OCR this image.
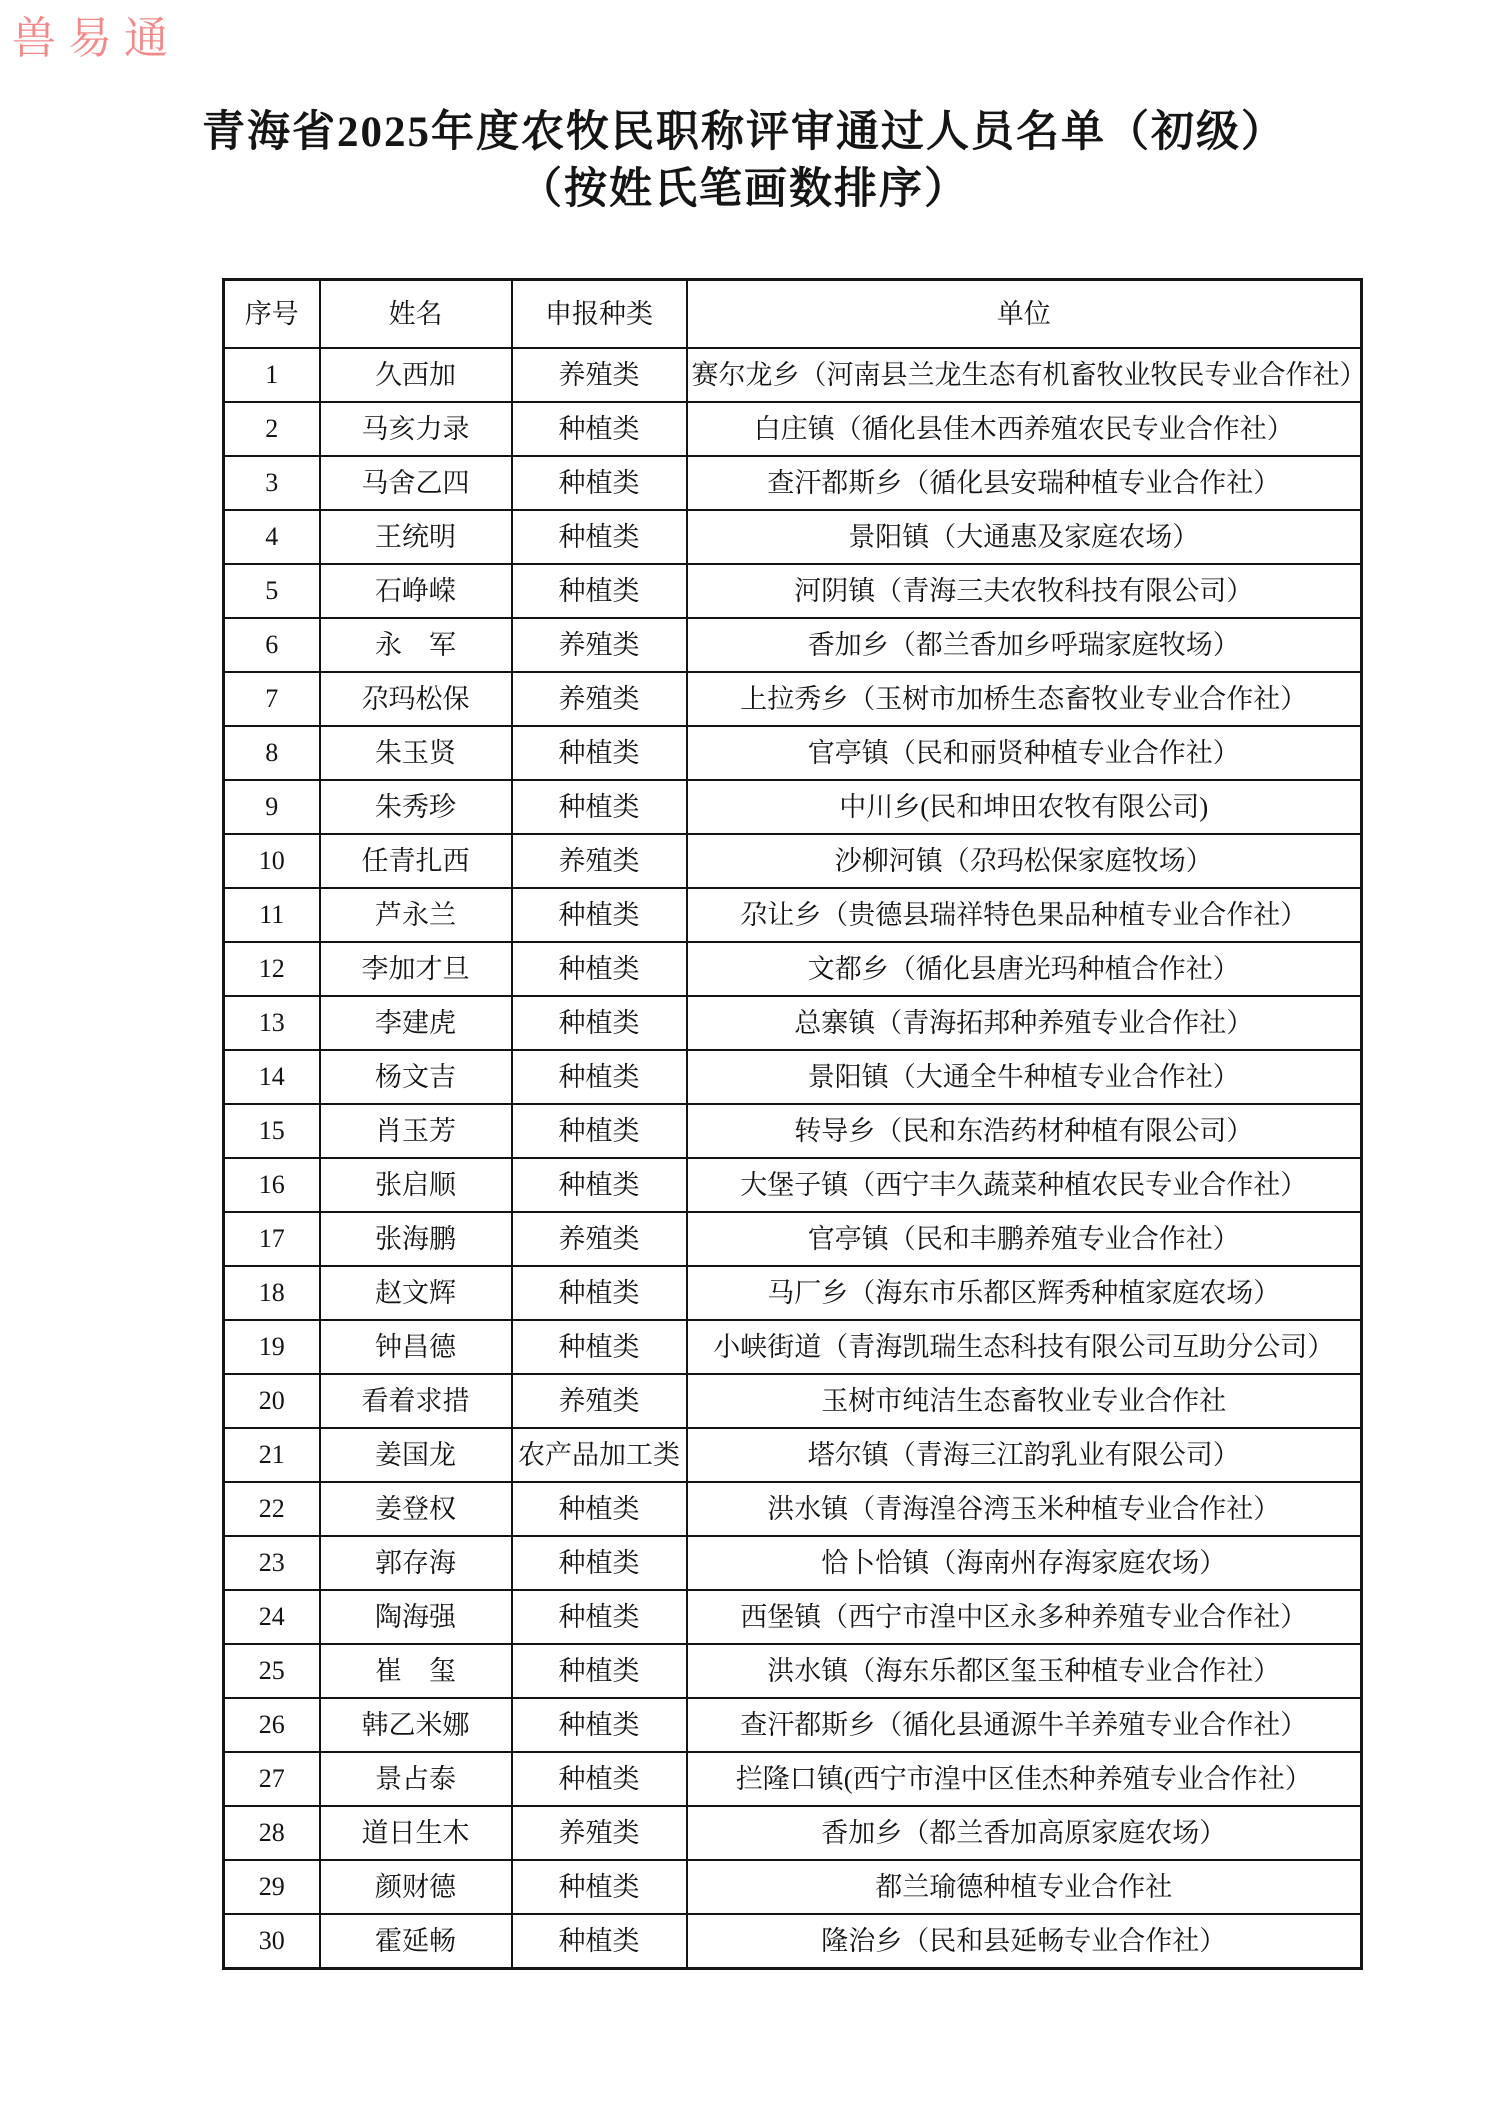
兽易通
青海省2025年度农牧民职称评审通过人员名单（初级）
（按姓氏笔画数排序）
序号	姓名	申报种类	单位
1	久西加	养殖类	赛尔龙乡（河南县兰龙生态有机畜牧业牧民专业合作社）
2	马亥力录	种植类	白庄镇（循化县佳木西养殖农民专业合作社）
3	马舍乙四	种植类	查汗都斯乡（循化县安瑞种植专业合作社）
4	王统明	种植类	景阳镇（大通惠及家庭农场）
5	石峥嵘	种植类	河阴镇（青海三夫农牧科技有限公司）
6	永　军	养殖类	香加乡（都兰香加乡呼瑞家庭牧场）
7	尕玛松保	养殖类	上拉秀乡（玉树市加桥生态畜牧业专业合作社）
8	朱玉贤	种植类	官亭镇（民和丽贤种植专业合作社）
9	朱秀珍	种植类	中川乡(民和坤田农牧有限公司)
10	任青扎西	养殖类	沙柳河镇（尕玛松保家庭牧场）
11	芦永兰	种植类	尕让乡（贵德县瑞祥特色果品种植专业合作社）
12	李加才旦	种植类	文都乡（循化县唐光玛种植合作社）
13	李建虎	种植类	总寨镇（青海拓邦种养殖专业合作社）
14	杨文吉	种植类	景阳镇（大通全牛种植专业合作社）
15	肖玉芳	种植类	转导乡（民和东浩药材种植有限公司）
16	张启顺	种植类	大堡子镇（西宁丰久蔬菜种植农民专业合作社）
17	张海鹏	养殖类	官亭镇（民和丰鹏养殖专业合作社）
18	赵文辉	种植类	马厂乡（海东市乐都区辉秀种植家庭农场）
19	钟昌德	种植类	小峡街道（青海凯瑞生态科技有限公司互助分公司）
20	看着求措	养殖类	玉树市纯洁生态畜牧业专业合作社
21	姜国龙	农产品加工类	塔尔镇（青海三江韵乳业有限公司）
22	姜登权	种植类	洪水镇（青海湟谷湾玉米种植专业合作社）
23	郭存海	种植类	恰卜恰镇（海南州存海家庭农场）
24	陶海强	种植类	西堡镇（西宁市湟中区永多种养殖专业合作社）
25	崔　玺	种植类	洪水镇（海东乐都区玺玉种植专业合作社）
26	韩乙米娜	种植类	查汗都斯乡（循化县通源牛羊养殖专业合作社）
27	景占泰	种植类	拦隆口镇(西宁市湟中区佳杰种养殖专业合作社）
28	道日生木	养殖类	香加乡（都兰香加高原家庭农场）
29	颜财德	种植类	都兰瑜德种植专业合作社
30	霍延畅	种植类	隆治乡（民和县延畅专业合作社）
